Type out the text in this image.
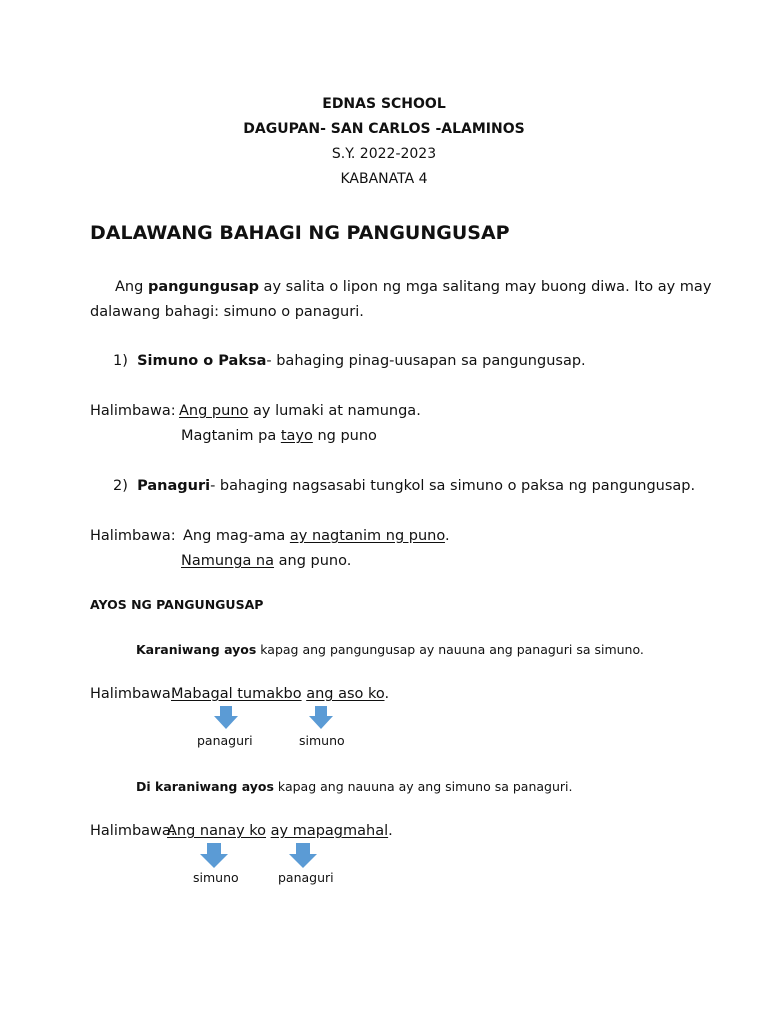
EDNAS SCHOOL
DAGUPAN- SAN CARLOS -ALAMINOS
S.Y. 2022-2023
KABANATA 4
DALAWANG BAHAGI NG PANGUNGUSAP
Ang pangungusap ay salita o lipon ng mga salitang may buong diwa. Ito ay may
dalawang bahagi: simuno o panaguri.
1) Simuno o Paksa- bahaging pinag-uusapan sa pangungusap.
Halimbawa: Ang puno ay lumaki at namunga.
Magtanim pa tayo ng puno
2) Panaguri- bahaging nagsasabi tungkol sa simuno o paksa ng pangungusap.
Halimbawa: Ang mag-ama ay nagtanim ng puno.
Namunga na ang puno.
AYOS NG PANGUNGUSAP
Karaniwang ayos kapag ang pangungusap ay nauuna ang panaguri sa simuno.
Halimbawa:
Mabagal tumakbo ang aso ko.
panaguri	simuno
Di karaniwang ayos kapag ang nauuna ay ang simuno sa panaguri.
Halimbawa:
Ang nanay ko ay mapagmahal.
simuno	panaguri
